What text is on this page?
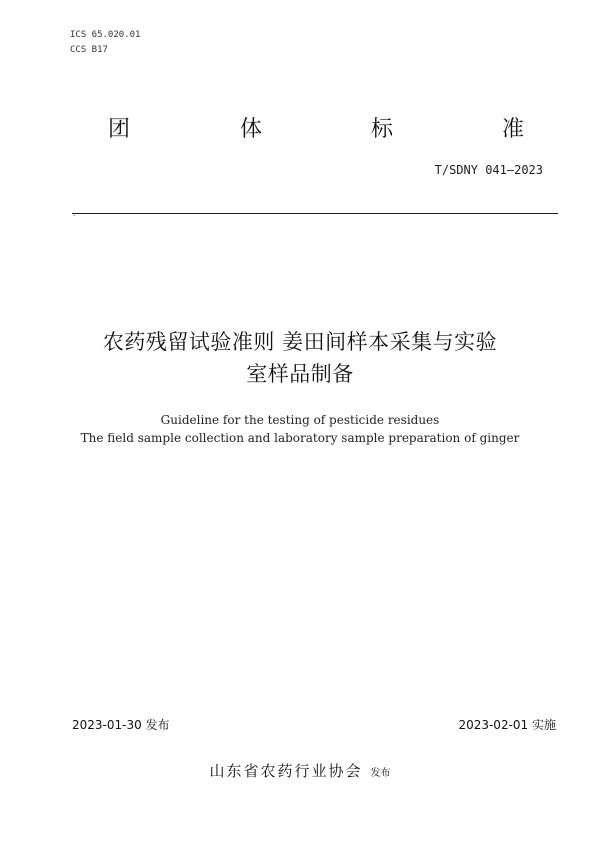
ICS 65.020.01
CCS B17
团	体	标	准
T/SDNY 041—2023
.
农药残留试验准则 姜田间样本采集与实验
室样品制备
Guideline for the testing of pesticide residues
The field sample collection and laboratory sample preparation of ginger
2023-01-30 发布	2023-02-01 实施
山东省农药行业协会 发布
